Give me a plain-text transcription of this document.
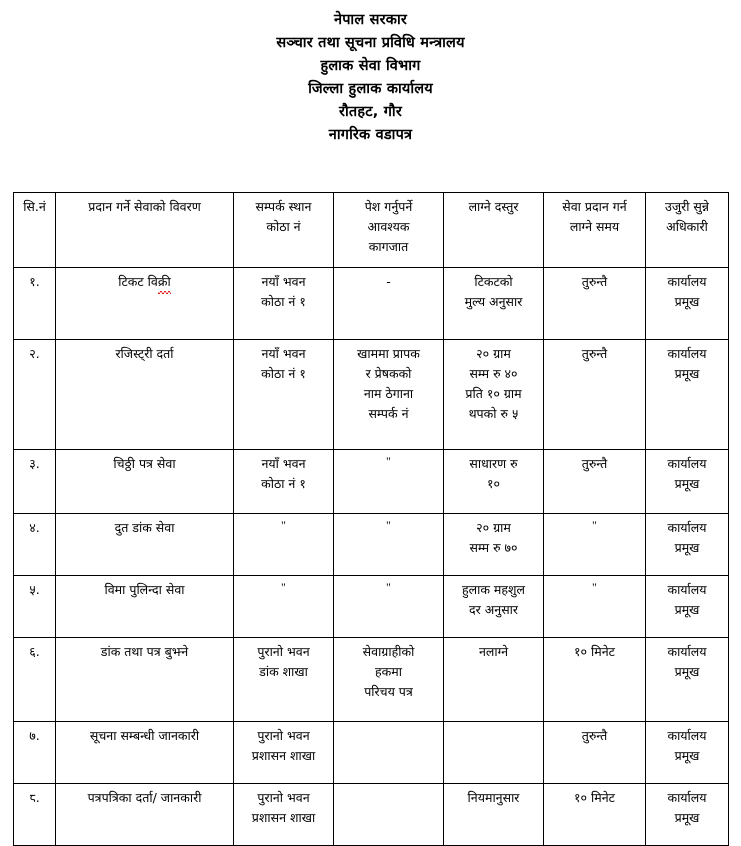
नेपाल सरकार
सञ्चार तथा सूचना प्रविधि मन्त्रालय
हुलाक सेवा विभाग
जिल्ला हुलाक कार्यालय
रौतहट, गौर
नागरिक वडापत्र
सि.नं	प्रदान गर्ने सेवाको विवरण	सम्पर्क स्थान
कोठा नं	पेश गर्नुपर्ने
आवश्यक
कागजात	लाग्ने दस्तुर	सेवा प्रदान गर्न
लाग्ने समय	उजुरी सुन्ने
अधिकारी

१.	टिकट विक्री	नयाँ भवन
कोठा नं १	-	टिकटको
मुल्य अनुसार	तुरुन्तै	कार्यालय
प्रमूख

२.	रजिस्ट्री दर्ता	नयाँ भवन
कोठा नं १	खाममा प्रापक
र प्रेषकको
नाम ठेगाना
सम्पर्क नं	२० ग्राम
सम्म रु ४०
प्रति १० ग्राम
थपको रु ५	तुरुन्तै	कार्यालय
प्रमूख

३.	चिठ्ठी पत्र सेवा	नयाँ भवन
कोठा नं १	"	साधारण रु
१०	तुरुन्तै	कार्यालय
प्रमूख

४.	दुत डांक सेवा	"	"	२० ग्राम
सम्म रु ७०	"	कार्यालय
प्रमूख

५.	विमा पुलिन्दा सेवा	"	"	हुलाक महशुल
दर अनुसार	"	कार्यालय
प्रमूख

६.	डांक तथा पत्र बुझ्ने	पुरानो भवन
डांक शाखा	सेवाग्राहीको
हकमा
परिचय पत्र	नलाग्ने	१० मिनेट	कार्यालय
प्रमूख

७.	सूचना सम्बन्धी जानकारी	पुरानो भवन
प्रशासन शाखा			तुरुन्तै	कार्यालय
प्रमूख

८.	पत्रपत्रिका दर्ता/ जानकारी	पुरानो भवन
प्रशासन शाखा		नियमानुसार	१० मिनेट	कार्यालय
प्रमूख
